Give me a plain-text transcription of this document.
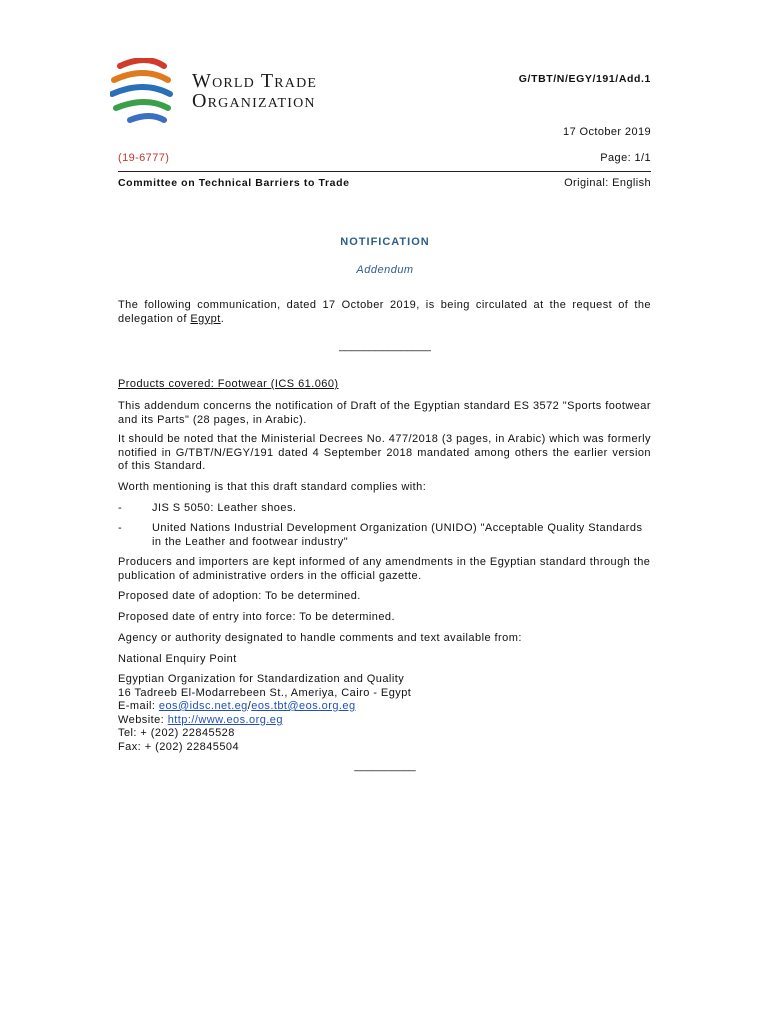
World Trade
Organization
G/TBT/N/EGY/191/Add.1
17 October 2019
(19-6777)	Page: 1/1
Committee on Technical Barriers to Trade	Original: English
NOTIFICATION
Addendum
The following communication, dated 17 October 2019, is being circulated at the request of the delegation of Egypt.
_______________
Products covered: Footwear (ICS 61.060)
This addendum concerns the notification of Draft of the Egyptian standard ES 3572 "Sports footwear and its Parts" (28 pages, in Arabic).
It should be noted that the Ministerial Decrees No. 477/2018 (3 pages, in Arabic) which was formerly notified in G/TBT/N/EGY/191 dated 4 September 2018 mandated among others the earlier version of this Standard.
Worth mentioning is that this draft standard complies with:
-	JIS S 5050: Leather shoes.
-	United Nations Industrial Development Organization (UNIDO) "Acceptable Quality Standards in the Leather and footwear industry"
Producers and importers are kept informed of any amendments in the Egyptian standard through the publication of administrative orders in the official gazette.
Proposed date of adoption: To be determined.
Proposed date of entry into force: To be determined.
Agency or authority designated to handle comments and text available from:
National Enquiry Point
Egyptian Organization for Standardization and Quality
16 Tadreeb El-Modarrebeen St., Ameriya, Cairo - Egypt
E-mail: eos@idsc.net.eg/eos.tbt@eos.org.eg
Website: http://www.eos.org.eg
Tel: + (202) 22845528
Fax: + (202) 22845504
__________
